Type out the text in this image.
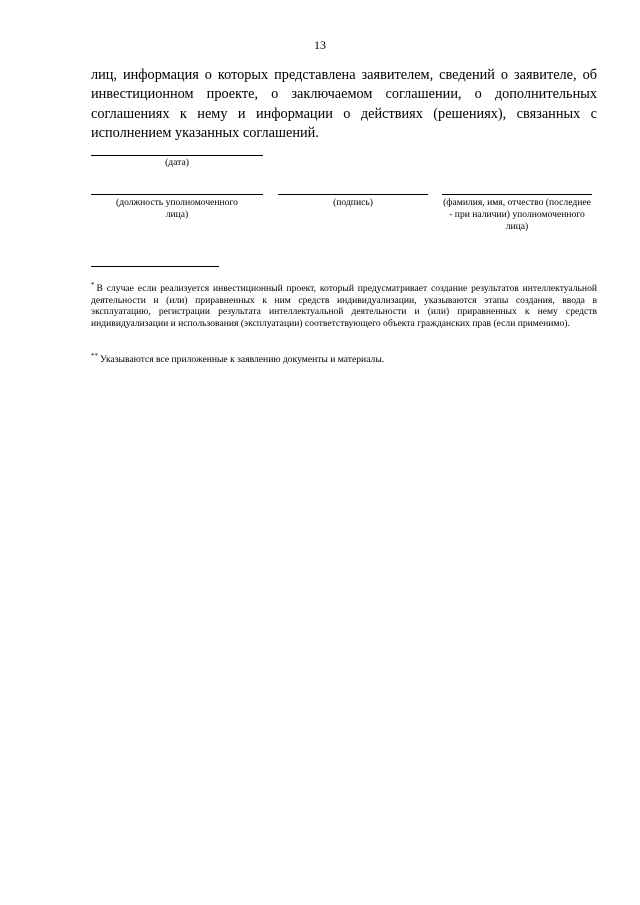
13
лиц, информация о которых представлена заявителем, сведений о заявителе, об инвестиционном проекте, о заключаемом соглашении, о дополнительных соглашениях к нему и информации о действиях (решениях), связанных с исполнением указанных соглашений.
(дата)
(должность уполномоченного лица)
(подпись)	(фамилия, имя, отчество (последнее - при наличии) уполномоченного лица)
* В случае если реализуется инвестиционный проект, который предусматривает создание результатов интеллектуальной деятельности и (или) приравненных к ним средств индивидуализации, указываются этапы создания, ввода в эксплуатацию, регистрации результата интеллектуальной деятельности и (или) приравненных к нему средств индивидуализации и использования (эксплуатации) соответствующего объекта гражданских прав (если применимо).
** Указываются все приложенные к заявлению документы и материалы.
